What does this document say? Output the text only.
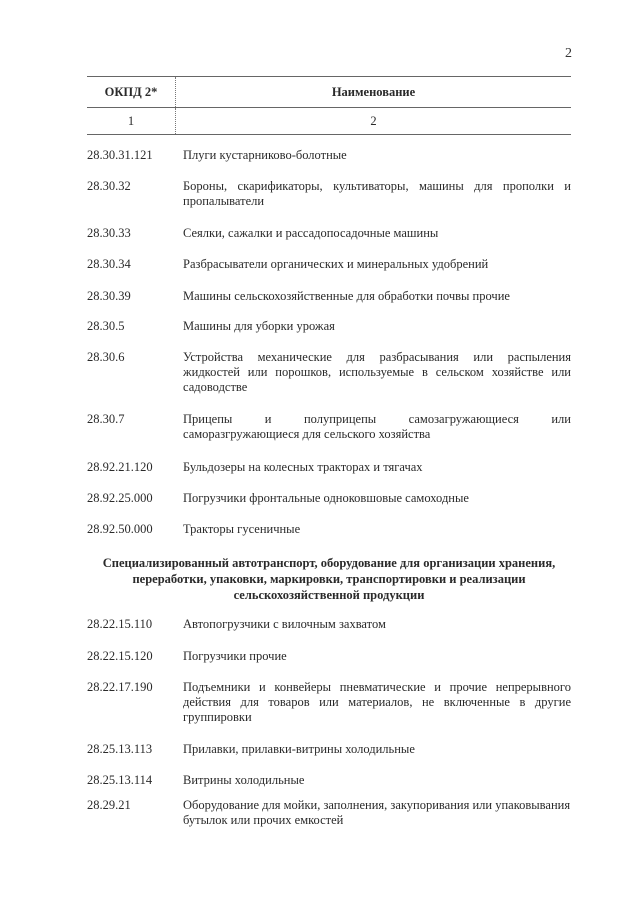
2
ОКПД 2*	Наименование
1	2
28.30.31.121	Плуги кустарниково-болотные
28.30.32	Бороны, скарификаторы, культиваторы, машины для прополки и пропалыватели
28.30.33	Сеялки, сажалки и рассадопосадочные машины
28.30.34	Разбрасыватели органических и минеральных удобрений
28.30.39	Машины сельскохозяйственные для обработки почвы прочие
28.30.5	Машины для уборки урожая
28.30.6	Устройства механические для разбрасывания или распыления жидкостей или порошков, используемые в сельском хозяйстве или садоводстве
28.30.7	Прицепы и полуприцепы самозагружающиеся или саморазгружающиеся для сельского хозяйства
28.92.21.120	Бульдозеры на колесных тракторах и тягачах
28.92.25.000	Погрузчики фронтальные одноковшовые самоходные
28.92.50.000	Тракторы гусеничные
28.22.15.110	Автопогрузчики с вилочным захватом
28.22.15.120	Погрузчики прочие
28.22.17.190	Подъемники и конвейеры пневматические и прочие непрерывного действия для товаров или материалов, не включенные в другие группировки
28.25.13.113	Прилавки, прилавки-витрины холодильные
28.25.13.114	Витрины холодильные
28.29.21	Оборудование для мойки, заполнения, закупоривания или упаковывания бутылок или прочих емкостей
Специализированный автотранспорт, оборудование для организации хранения, переработки, упаковки, маркировки, транспортировки и реализации сельскохозяйственной продукции
